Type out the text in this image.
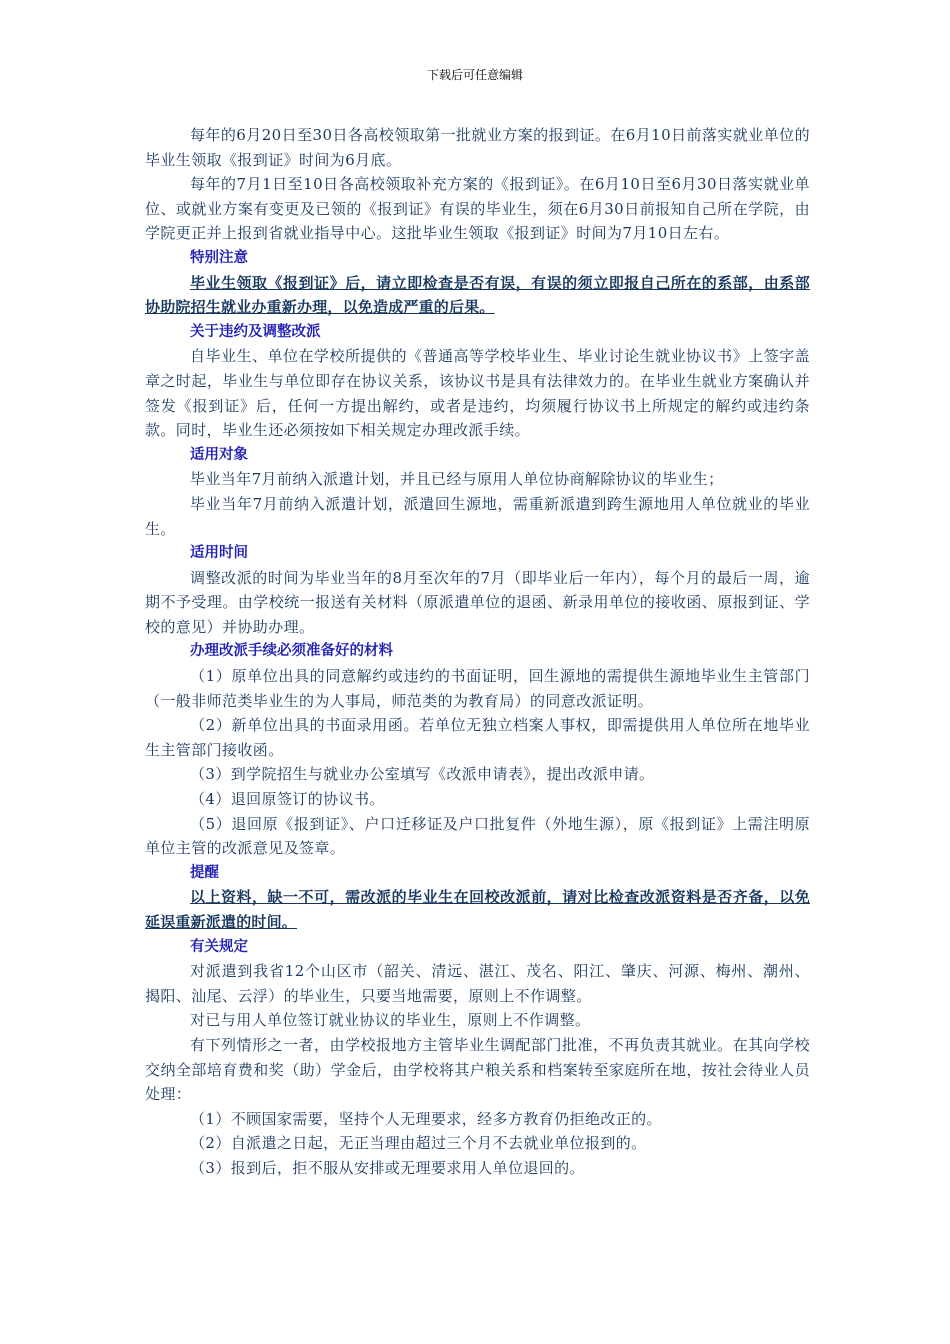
下载后可任意编辑

每年的6月20日至30日各高校领取第一批就业方案的报到证。在6月10日前落实就业单位的毕业生领取《报到证》时间为6月底。

每年的7月1日至10日各高校领取补充方案的《报到证》。在6月10日至6月30日落实就业单位、或就业方案有变更及已领的《报到证》有误的毕业生，须在6月30日前报知自己所在学院，由学院更正并上报到省就业指导中心。这批毕业生领取《报到证》时间为7月10日左右。

特别注意

毕业生领取《报到证》后，请立即检查是否有误，有误的须立即报自己所在的系部，由系部协助院招生就业办重新办理，以免造成严重的后果。

关于违约及调整改派

自毕业生、单位在学校所提供的《普通高等学校毕业生、毕业讨论生就业协议书》上签字盖章之时起，毕业生与单位即存在协议关系，该协议书是具有法律效力的。在毕业生就业方案确认并签发《报到证》后，任何一方提出解约，或者是违约，均须履行协议书上所规定的解约或违约条款。同时，毕业生还必须按如下相关规定办理改派手续。

适用对象

毕业当年7月前纳入派遣计划，并且已经与原用人单位协商解除协议的毕业生；

毕业当年7月前纳入派遣计划，派遣回生源地，需重新派遣到跨生源地用人单位就业的毕业生。

适用时间

调整改派的时间为毕业当年的8月至次年的7月（即毕业后一年内），每个月的最后一周，逾期不予受理。由学校统一报送有关材料（原派遣单位的退函、新录用单位的接收函、原报到证、学校的意见）并协助办理。

办理改派手续必须准备好的材料

（1）原单位出具的同意解约或违约的书面证明，回生源地的需提供生源地毕业生主管部门（一般非师范类毕业生的为人事局，师范类的为教育局）的同意改派证明。

（2）新单位出具的书面录用函。若单位无独立档案人事权，即需提供用人单位所在地毕业生主管部门接收函。

（3）到学院招生与就业办公室填写《改派申请表》，提出改派申请。

（4）退回原签订的协议书。

（5）退回原《报到证》、户口迁移证及户口批复件（外地生源），原《报到证》上需注明原单位主管的改派意见及签章。

提醒

以上资料，缺一不可，需改派的毕业生在回校改派前，请对比检查改派资料是否齐备，以免延误重新派遣的时间。

有关规定

对派遣到我省12个山区市（韶关、清远、湛江、茂名、阳江、肇庆、河源、梅州、潮州、揭阳、汕尾、云浮）的毕业生，只要当地需要，原则上不作调整。

对已与用人单位签订就业协议的毕业生，原则上不作调整。

有下列情形之一者，由学校报地方主管毕业生调配部门批准，不再负责其就业。在其向学校交纳全部培育费和奖（助）学金后，由学校将其户粮关系和档案转至家庭所在地，按社会待业人员处理：

（1）不顾国家需要，坚持个人无理要求，经多方教育仍拒绝改正的。

（2）自派遣之日起，无正当理由超过三个月不去就业单位报到的。

（3）报到后，拒不服从安排或无理要求用人单位退回的。
